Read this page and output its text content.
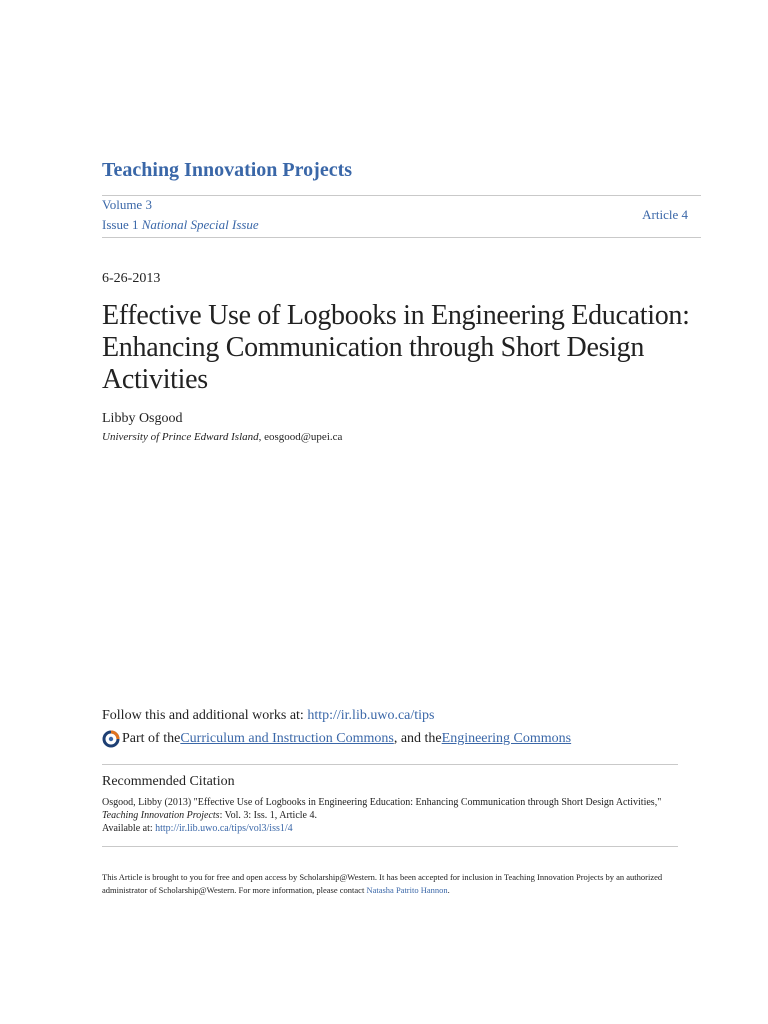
Teaching Innovation Projects
Volume 3
Issue 1 National Special Issue
Article 4
6-26-2013
Effective Use of Logbooks in Engineering Education: Enhancing Communication through Short Design Activities
Libby Osgood
University of Prince Edward Island, eosgood@upei.ca
Follow this and additional works at: http://ir.lib.uwo.ca/tips
Part of the Curriculum and Instruction Commons , and the Engineering Commons
Recommended Citation
Osgood, Libby (2013) "Effective Use of Logbooks in Engineering Education: Enhancing Communication through Short Design Activities," Teaching Innovation Projects: Vol. 3: Iss. 1, Article 4.
Available at: http://ir.lib.uwo.ca/tips/vol3/iss1/4
This Article is brought to you for free and open access by Scholarship@Western. It has been accepted for inclusion in Teaching Innovation Projects by an authorized administrator of Scholarship@Western. For more information, please contact Natasha Patrito Hannon.
